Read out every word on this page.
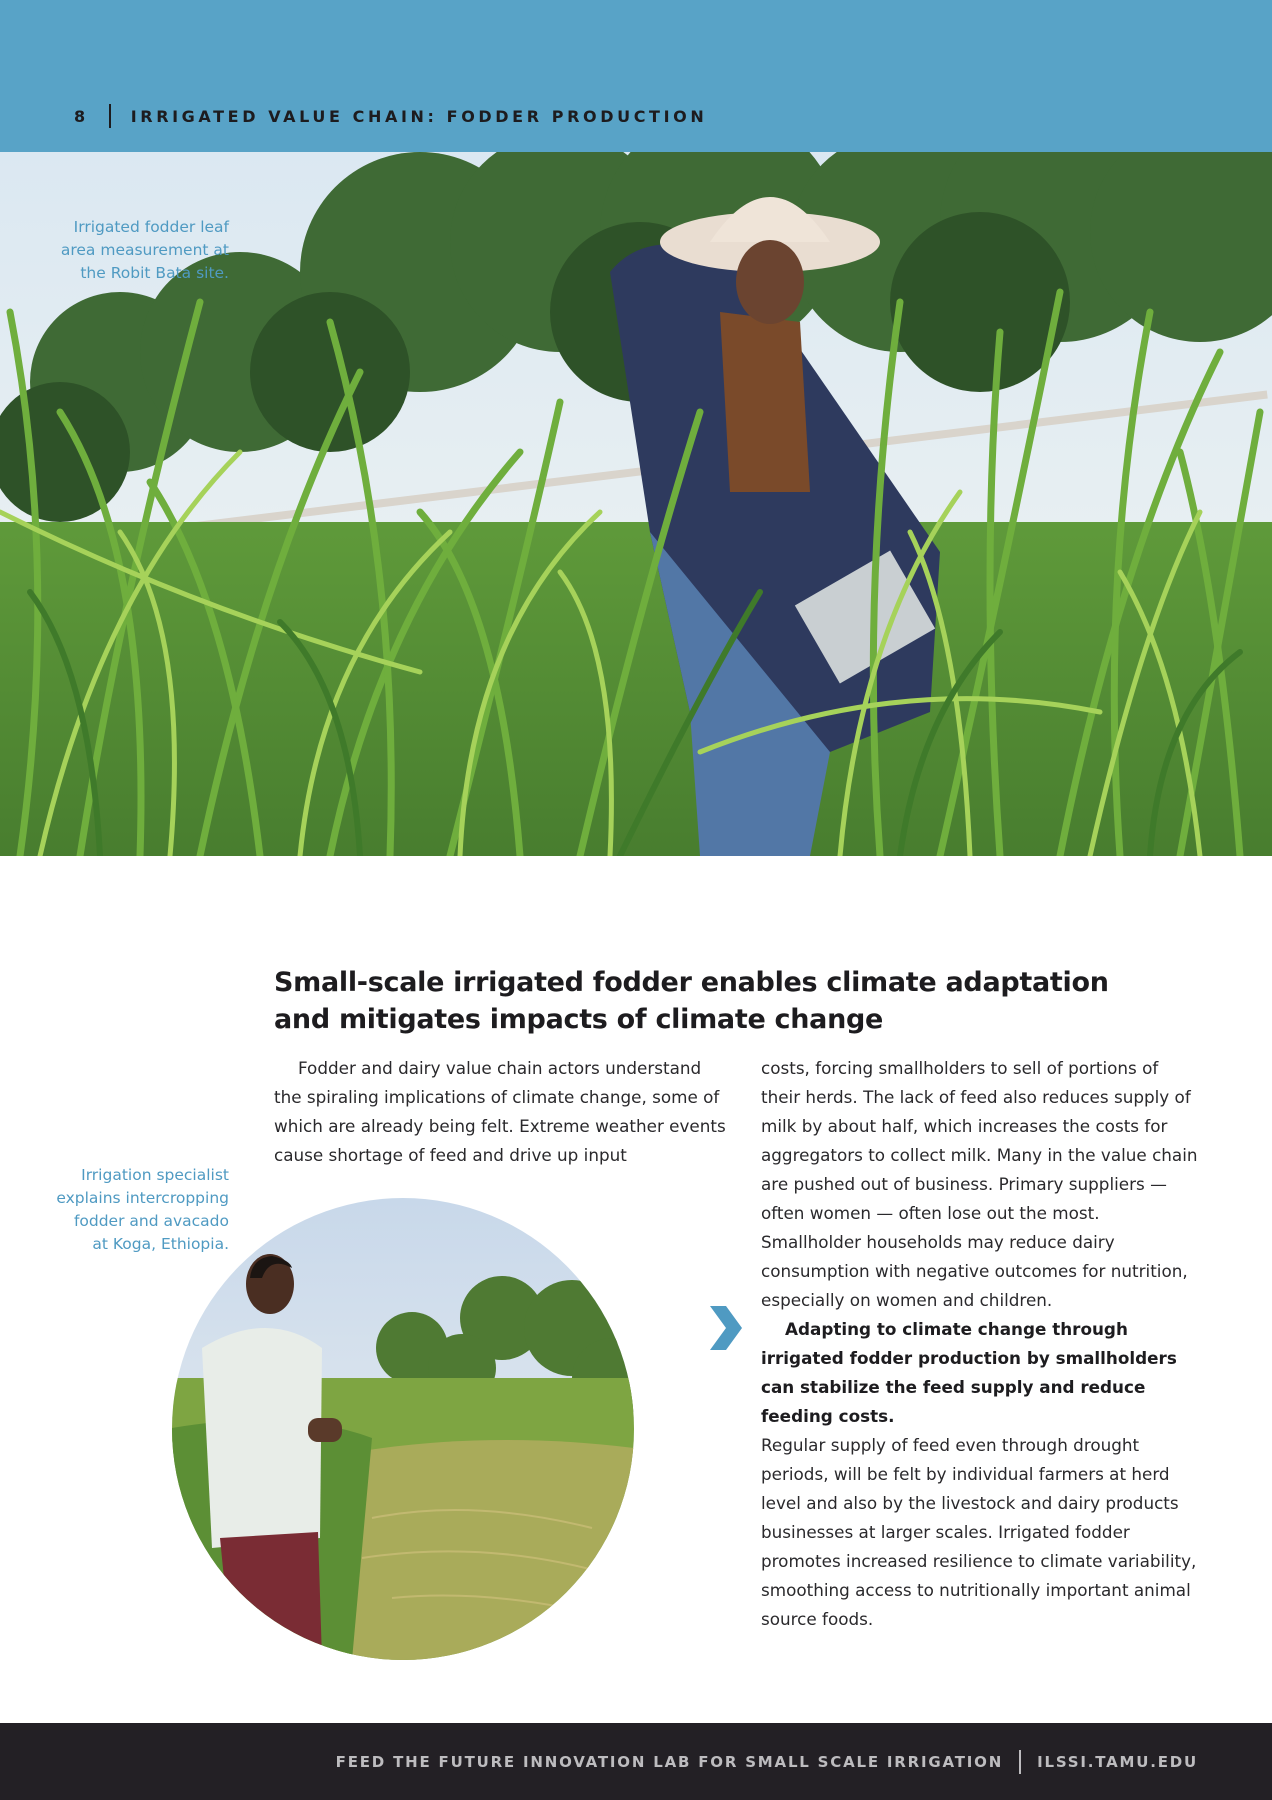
8	IRRIGATED VALUE CHAIN: FODDER PRODUCTION
Irrigated fodder leaf
area measurement at
the Robit Bata site.
Small-scale irrigated fodder enables climate adaptation
and mitigates impacts of climate change

Fodder and dairy value chain actors understand the spiraling implications of climate change, some of which are already being felt. Extreme weather events cause shortage of feed and drive up input

Irrigation specialist
explains intercropping
fodder and avacado
at Koga, Ethiopia.

costs, forcing smallholders to sell of portions of their herds. The lack of feed also reduces supply of milk by about half, which increases the costs for aggregators to collect milk. Many in the value chain are pushed out of business. Primary suppliers — often women — often lose out the most. Smallholder households may reduce dairy consumption with negative outcomes for nutrition, especially on women and children.

Adapting to climate change through irrigated fodder production by smallholders can stabilize the feed supply and reduce feeding costs.

Regular supply of feed even through drought periods, will be felt by individual farmers at herd level and also by the livestock and dairy products businesses at larger scales. Irrigated fodder promotes increased resilience to climate variability, smoothing access to nutritionally important animal source foods.

FEED THE FUTURE INNOVATION LAB FOR SMALL SCALE IRRIGATION ILSSI.TAMU.EDU
